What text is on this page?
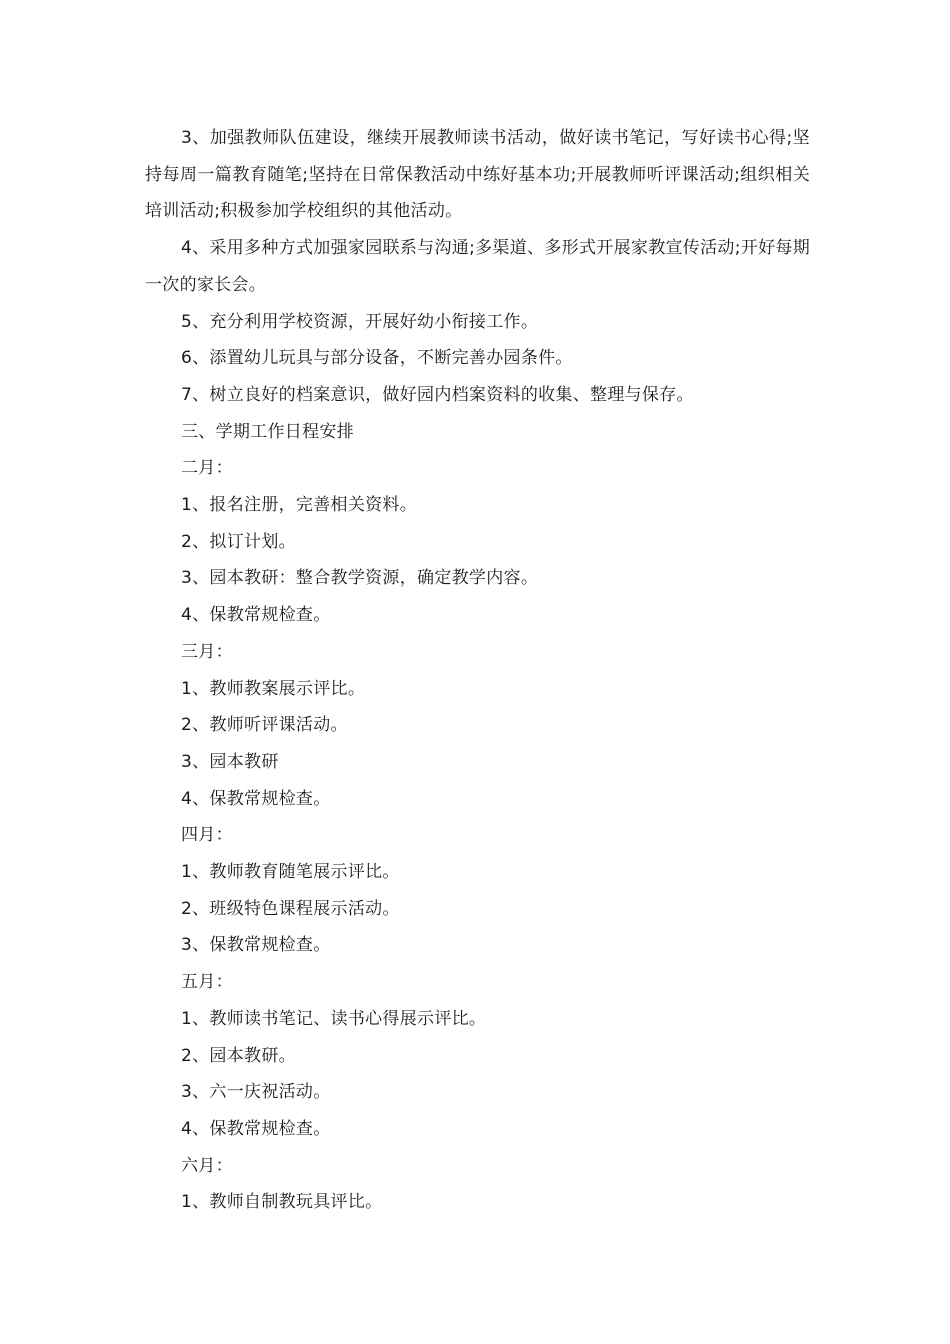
3、加强教师队伍建设，继续开展教师读书活动，做好读书笔记，写好读书心得;坚持每周一篇教育随笔;坚持在日常保教活动中练好基本功;开展教师听评课活动;组织相关培训活动;积极参加学校组织的其他活动。

4、采用多种方式加强家园联系与沟通;多渠道、多形式开展家教宣传活动;开好每期一次的家长会。

5、充分利用学校资源，开展好幼小衔接工作。

6、添置幼儿玩具与部分设备，不断完善办园条件。

7、树立良好的档案意识，做好园内档案资料的收集、整理与保存。

三、学期工作日程安排

二月：

1、报名注册，完善相关资料。

2、拟订计划。

3、园本教研：整合教学资源，确定教学内容。

4、保教常规检查。

三月：

1、教师教案展示评比。

2、教师听评课活动。

3、园本教研

4、保教常规检查。

四月：

1、教师教育随笔展示评比。

2、班级特色课程展示活动。

3、保教常规检查。

五月：

1、教师读书笔记、读书心得展示评比。

2、园本教研。

3、六一庆祝活动。

4、保教常规检查。

六月：

1、教师自制教玩具评比。
